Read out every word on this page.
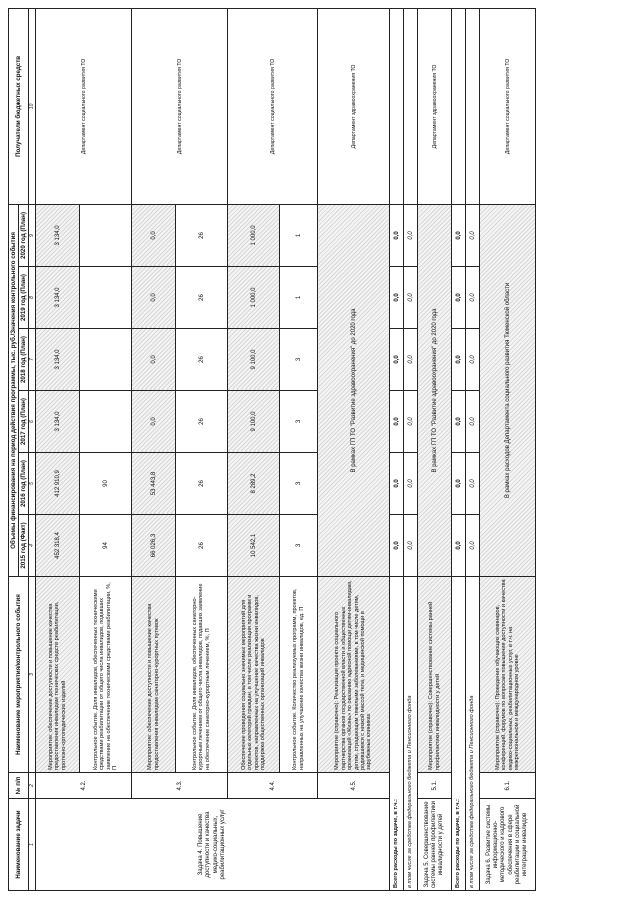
Наименование задачи	№ п/п	Наименование мероприятия/контрольного события	Объемы финансирования на период действия программы, тыс. руб./Значения контрольного события						Получатели бюджетных средств
			2015 год (Факт)	2016 год (План)	2017 год (План)	2018 год (План)	2019 год (План)	2020 год (План)	
1	2	3	4	5	6	7	8	9	10
Задача 4. Повышение доступности и качества медико-социальных, реабилитационных услуг	4.2.	Мероприятие: обеспечение доступности и повышение качества предоставления инвалидам технических средств реабилитации, протезно-ортопедических изделий	452 318,4	412 910,9	3 134,0	3 134,0	3 134,0	3 134,0	Департамент социального развития ТО
		Контрольное событие. Доля инвалидов, обеспеченных техническими средствами реабилитации от общего числа инвалидов, подавших заявление на обеспечение техническими средствами реабилитации, %, П	94	90					
	4.3.	Мероприятие: обеспечение доступности и повышение качества предоставления инвалидам санаторно-курортных путевок	66 026,3	53 443,8	0,0	0,0	0,0	0,0	Департамент социального развития ТО
		Контрольное событие. Доля инвалидов, обеспеченных санаторно-курортным лечением от общего числа инвалидов, подавших заявление на обеспечение санаторно-курортным лечением, %, П	26	26	26	26	26	26	
	4.4.	Обеспечение проведения социально значимых мероприятий для отдельных категорий граждан, в том числе реализация программ и проектов, направленных на улучшение качества жизни инвалидов, поддержка общественных организаций инвалидов	10 542,1	8 289,2	9 100,0	9 100,0	1 000,0	1 000,0	Департамент социального развития ТО
		Контрольное событие. Количество реализуемых программ, проектов, направленных на улучшение качества жизни инвалидов, ед. П	3	3	3	3	1	1	
	4.5.	Мероприятие (справочно): Реализация проекта социального партнерства органов государственной власти и общественных организаций «Жизнь» по оказанию адресной помощи детям-инвалидам, детям, страдающим тяжелыми заболеваниями, в том числе детям, родившимся с низкой массой тела, и медицинской помощи в зарубежных клиниках	В рамках ГП ТО "Развитие здравоохранения" до 2020 года						Департамент здравоохранения ТО
Всего расходы по задаче, в т.ч.:			0,0	0,0	0,0	0,0	0,0	0,0	
в том числе за средства федерального бюджета и Пенсионного фонда			0,0	0,0	0,0	0,0	0,0	0,0	
Задача 5. Совершенствование системы ранней профилактики инвалидности у детей	5.1.	Мероприятие (справочно): Совершенствование системы ранней профилактики инвалидности у детей	В рамках ГП ТО "Развитие здравоохранения" до 2020 года						Департамент здравоохранения ТО
Всего расходы по задаче, в т.ч.:			0,0	0,0	0,0	0,0	0,0	0,0	
в том числе за средства федерального бюджета и Пенсионного фонда			0,0	0,0	0,0	0,0	0,0	0,0	
Задача 6. Развитие системы информационно-методического и кадрового обеспечения в сфере реабилитации и социальной интеграции инвалидов	6.1.	Мероприятие (справочно): Проведение обучающих семинаров, конференций, форумов по вопросам повышения доступности и качества медико-социальных, реабилитационных услуг, в т.ч. на межрегиональном и международном уровне	В рамках расходов Департамента социального развития Тюменской области						Департамент социального развития ТО
